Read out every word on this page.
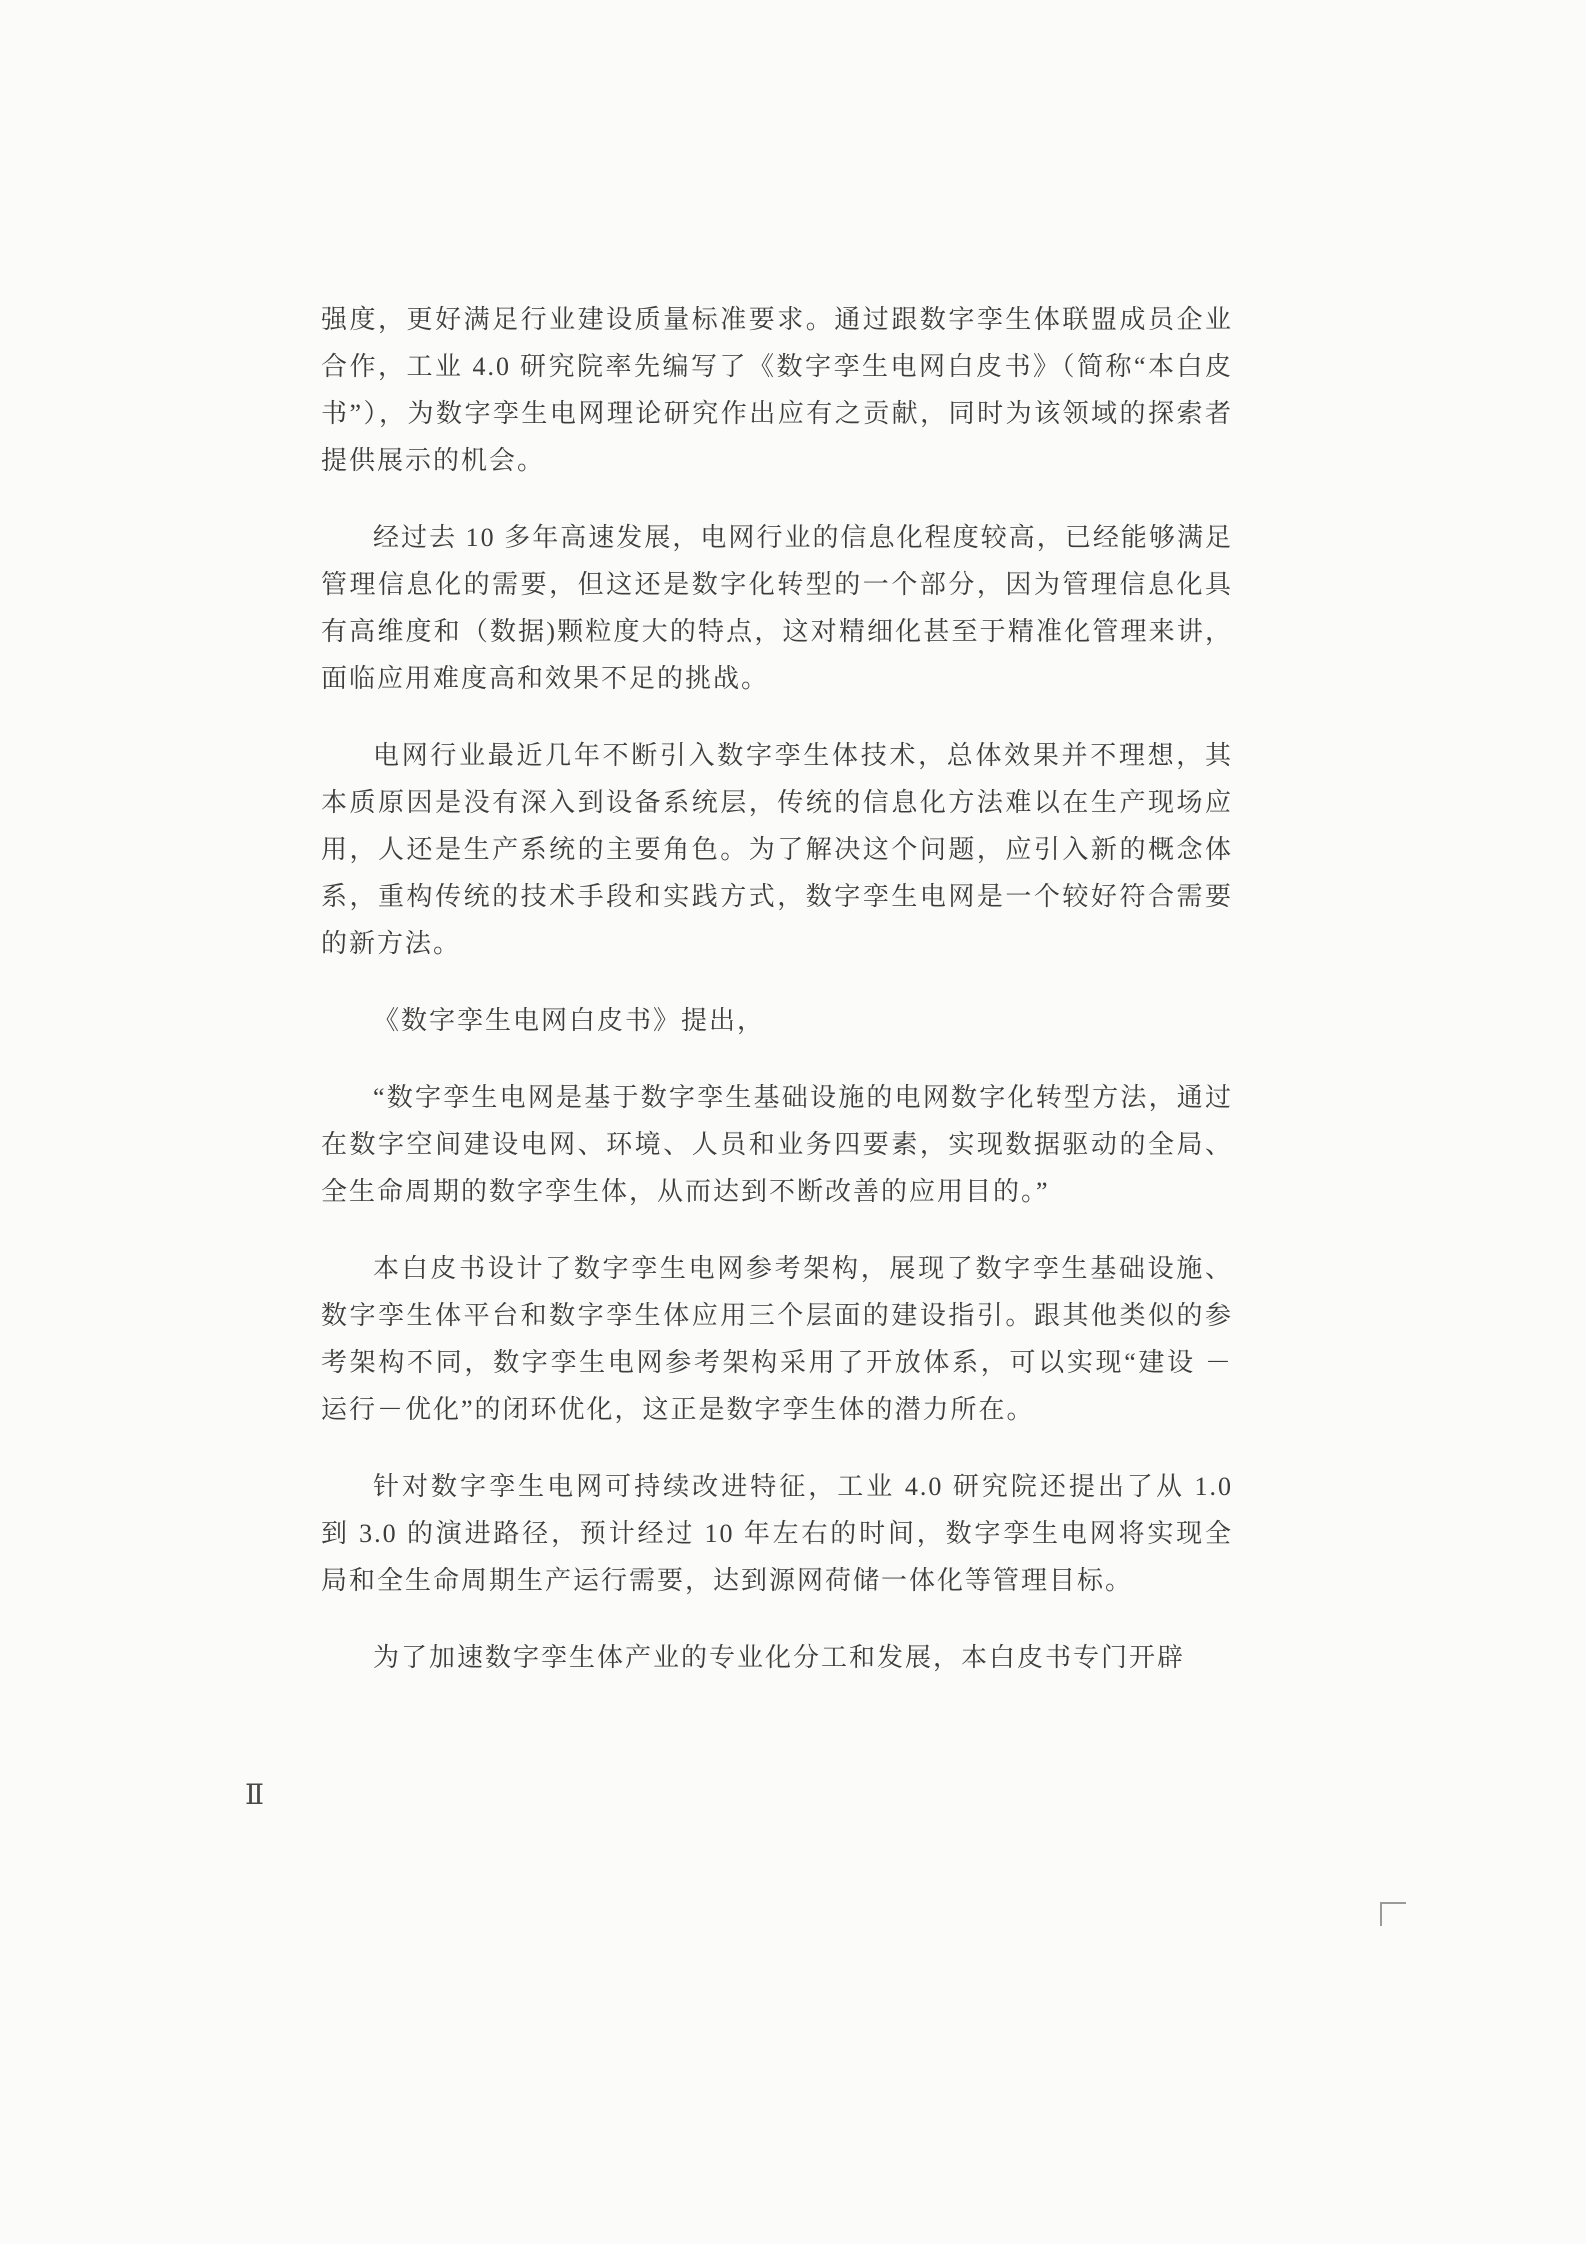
强度，更好满足行业建设质量标准要求。通过跟数字孪生体联盟成员企业合作，工业 4.0 研究院率先编写了《数字孪生电网白皮书》（简称“本白皮书”），为数字孪生电网理论研究作出应有之贡献，同时为该领域的探索者提供展示的机会。

经过去 10 多年高速发展，电网行业的信息化程度较高，已经能够满足管理信息化的需要，但这还是数字化转型的一个部分，因为管理信息化具有高维度和（数据)颗粒度大的特点，这对精细化甚至于精准化管理来讲， 面临应用难度高和效果不足的挑战。

电网行业最近几年不断引入数字孪生体技术，总体效果并不理想，其本质原因是没有深入到设备系统层，传统的信息化方法难以在生产现场应用，人还是生产系统的主要角色。为了解决这个问题，应引入新的概念体系，重构传统的技术手段和实践方式，数字孪生电网是一个较好符合需要的新方法。

《数字孪生电网白皮书》提出，

“数字孪生电网是基于数字孪生基础设施的电网数字化转型方法，通过在数字空间建设电网、环境、人员和业务四要素，实现数据驱动的全局、全生命周期的数字孪生体，从而达到不断改善的应用目的。”

本白皮书设计了数字孪生电网参考架构，展现了数字孪生基础设施、数字孪生体平台和数字孪生体应用三个层面的建设指引。跟其他类似的参考架构不同，数字孪生电网参考架构采用了开放体系，可以实现“建设 － 运行－优化”的闭环优化，这正是数字孪生体的潜力所在。

针对数字孪生电网可持续改进特征，工业 4.0 研究院还提出了从 1.0 到 3.0 的演进路径，预计经过 10 年左右的时间，数字孪生电网将实现全局和全生命周期生产运行需要，达到源网荷储一体化等管理目标。

为了加速数字孪生体产业的专业化分工和发展，本白皮书专门开辟

Ⅱ
